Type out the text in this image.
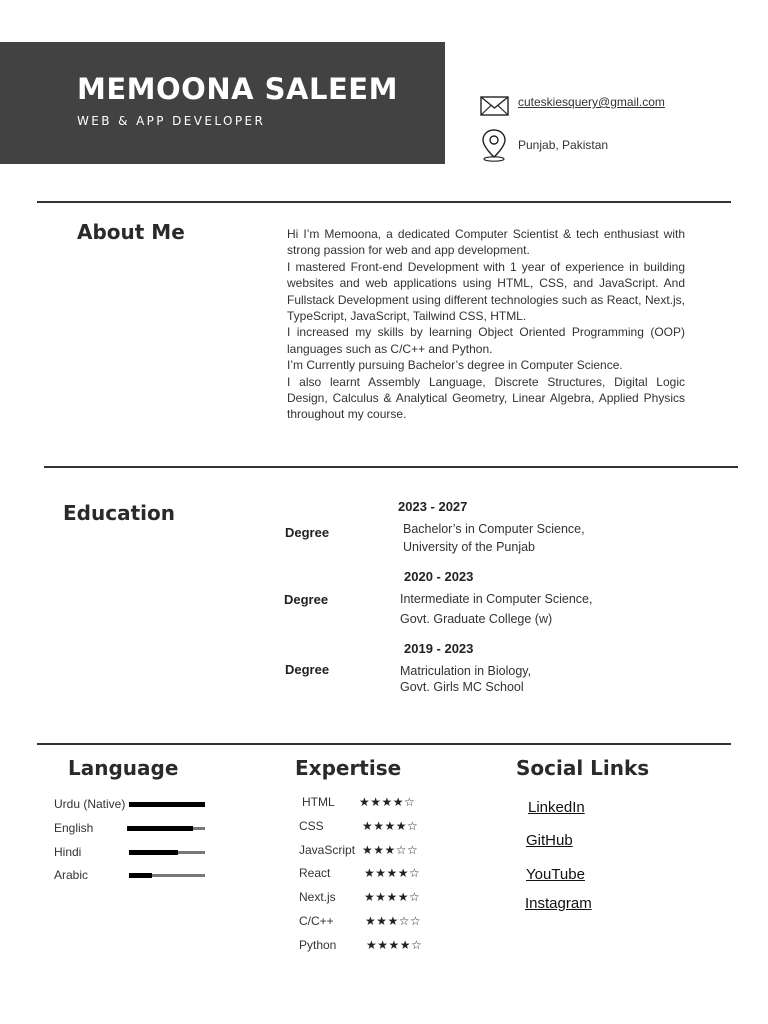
MEMOONA SALEEM
WEB & APP DEVELOPER
cuteskiesquery@gmail.com
Punjab, Pakistan
About Me	Hi I’m Memoona, a dedicated Computer Scientist & tech enthusiast with strong passion for web and app development.

I mastered Front-end Development with 1 year of experience in building websites and web applications using HTML, CSS, and JavaScript. And Fullstack Development using different technologies such as React, Next.js, TypeScript, JavaScript, Tailwind CSS, HTML.

I increased my skills by learning Object Oriented Programming (OOP) languages such as C/C++ and Python.

I’m Currently pursuing Bachelor’s degree in Computer Science.

I also learnt Assembly Language, Discrete Structures, Digital Logic Design, Calculus & Analytical Geometry, Linear Algebra, Applied Physics throughout my course.

Education	2023 - 2027
Degree	Bachelor’s in Computer Science,
University of the Punjab
2020 - 2023
Degree	Intermediate in Computer Science,
Govt. Graduate College (w)
2019 - 2023
Degree	Matriculation in Biology,
Govt. Girls MC School
Language
Urdu (Native)
English
Hindi
Arabic
Expertise
HTML ★★★★☆
CSS	★★★★☆
JavaScript ★★★☆☆
React	★★★★☆
Next.js ★★★★☆
C/C++	★★★☆☆
Python ★★★★☆
Social Links
LinkedIn
GitHub
YouTube
Instagram
